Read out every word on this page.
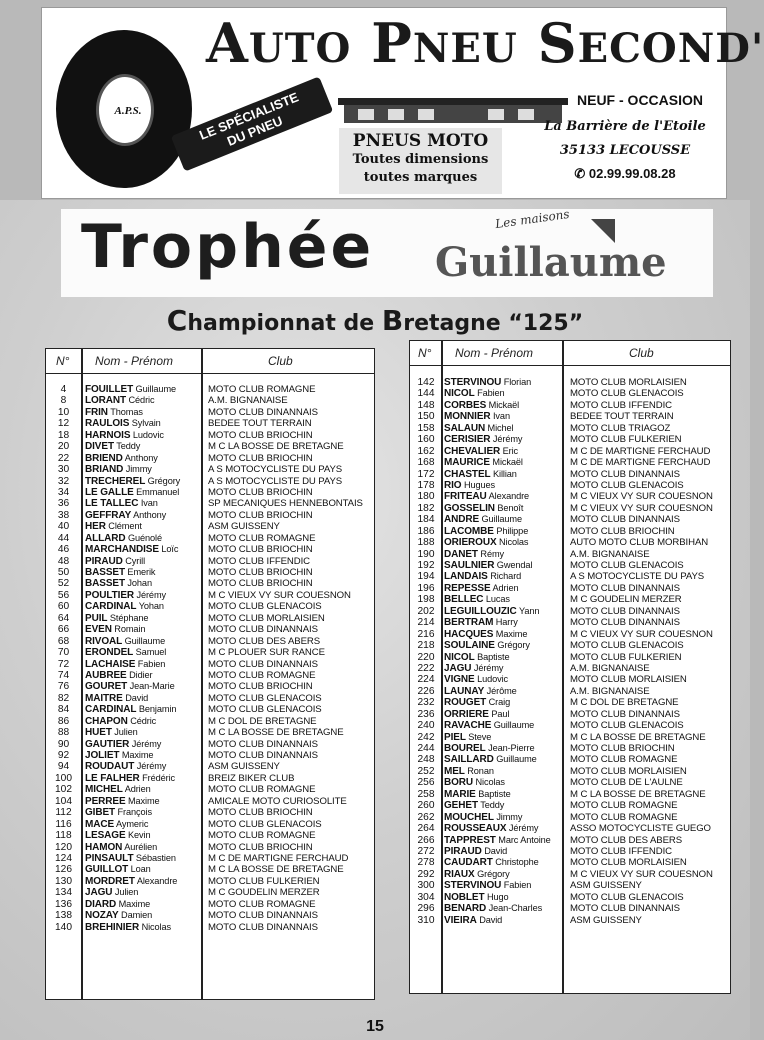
A.P.S.
AUTO PNEU SECOND'
LE SPÉCIALISTE
DU PNEU	PNEUS MOTO
Toutes dimensions
toutes marques
NEUF - OCCASION
La Barrière de l'Etoile
35133 LECOUSSE
✆ 02.99.99.08.28
Trophée	Les maisons
Guillaume
Championnat de Bretagne “125”
N° Nom - Prénom	Club
4	FOUILLET Guillaume	MOTO CLUB ROMAGNE
8	LORANT Cédric	A.M. BIGNANAISE
10	FRIN Thomas	MOTO CLUB DINANNAIS
12	RAULOIS Sylvain	BEDEE TOUT TERRAIN
18	HARNOIS Ludovic	MOTO CLUB BRIOCHIN
20	DIVET Teddy	M C LA BOSSE DE BRETAGNE
22	BRIEND Anthony	MOTO CLUB BRIOCHIN
30	BRIAND Jimmy	A S MOTOCYCLISTE DU PAYS
32	TRECHEREL Grégory	A S MOTOCYCLISTE DU PAYS
34	LE GALLE Emmanuel	MOTO CLUB BRIOCHIN
36	LE TALLEC Ivan	SP MECANIQUES HENNEBONTAIS
38	GEFFRAY Anthony	MOTO CLUB BRIOCHIN
40	HER Clément	ASM GUISSENY
44	ALLARD Guénolé	MOTO CLUB ROMAGNE
46	MARCHANDISE Loïc	MOTO CLUB BRIOCHIN
48	PIRAUD Cyrill	MOTO CLUB IFFENDIC
50	BASSET Emerik	MOTO CLUB BRIOCHIN
52	BASSET Johan	MOTO CLUB BRIOCHIN
56	POULTIER Jérémy	M C VIEUX VY SUR COUESNON
60	CARDINAL Yohan	MOTO CLUB GLENACOIS
64	PUIL Stéphane	MOTO CLUB MORLAISIEN
66	EVEN Romain	MOTO CLUB DINANNAIS
68	RIVOAL Guillaume	MOTO CLUB DES ABERS
70	ERONDEL Samuel	M C PLOUER SUR RANCE
72	LACHAISE Fabien	MOTO CLUB DINANNAIS
74	AUBREE Didier	MOTO CLUB ROMAGNE
76	GOURET Jean-Marie	MOTO CLUB BRIOCHIN
82	MAITRE David	MOTO CLUB GLENACOIS
84	CARDINAL Benjamin	MOTO CLUB GLENACOIS
86	CHAPON Cédric	M C DOL DE BRETAGNE
88	HUET Julien	M C LA BOSSE DE BRETAGNE
90	GAUTIER Jérémy	MOTO CLUB DINANNAIS
92	JOLIET Maxime	MOTO CLUB DINANNAIS
94	ROUDAUT Jérémy	ASM GUISSENY
100	LE FALHER Frédéric	BREIZ BIKER CLUB
102	MICHEL Adrien	MOTO CLUB ROMAGNE
104	PERREE Maxime	AMICALE MOTO CURIOSOLITE
112	GIBET François	MOTO CLUB BRIOCHIN
116	MACE Aymeric	MOTO CLUB GLENACOIS
118	LESAGE Kevin	MOTO CLUB ROMAGNE
120	HAMON Aurélien	MOTO CLUB BRIOCHIN
124	PINSAULT Sébastien	M C DE MARTIGNE FERCHAUD
126	GUILLOT Loan	M C LA BOSSE DE BRETAGNE
130	MORDRET Alexandre	MOTO CLUB FULKERIEN
134	JAGU Julien	M C GOUDELIN MERZER
136	DIARD Maxime	MOTO CLUB ROMAGNE
138	NOZAY Damien	MOTO CLUB DINANNAIS
140	BREHINIER Nicolas	MOTO CLUB DINANNAIS
N° Nom - Prénom	Club
142 STERVINOU Florian	MOTO CLUB MORLAISIEN
144 NICOL Fabien	MOTO CLUB GLENACOIS
148 CORBES Mickaël	MOTO CLUB IFFENDIC
150 MONNIER Ivan	BEDEE TOUT TERRAIN
158 SALAUN Michel	MOTO CLUB TRIAGOZ
160 CERISIER Jérémy	MOTO CLUB FULKERIEN
162 CHEVALIER Eric	M C DE MARTIGNE FERCHAUD
168 MAURICE Mickaël	M C DE MARTIGNE FERCHAUD
172 CHASTEL Killian	MOTO CLUB DINANNAIS
178 RIO Hugues	MOTO CLUB GLENACOIS
180 FRITEAU Alexandre	M C VIEUX VY SUR COUESNON
182 GOSSELIN Benoît	M C VIEUX VY SUR COUESNON
184 ANDRE Guillaume	MOTO CLUB DINANNAIS
186 LACOMBE Philippe	MOTO CLUB BRIOCHIN
188 ORIEROUX Nicolas	AUTO MOTO CLUB MORBIHAN
190 DANET Rémy	A.M. BIGNANAISE
192 SAULNIER Gwendal	MOTO CLUB GLENACOIS
194 LANDAIS Richard	A S MOTOCYCLISTE DU PAYS
196 REPESSE Adrien	MOTO CLUB DINANNAIS
198 BELLEC Lucas	M C GOUDELIN MERZER
202 LEGUILLOUZIC Yann	MOTO CLUB DINANNAIS
214 BERTRAM Harry	MOTO CLUB DINANNAIS
216 HACQUES Maxime	M C VIEUX VY SUR COUESNON
218 SOULAINE Grégory	MOTO CLUB GLENACOIS
220 NICOL Baptiste	MOTO CLUB FULKERIEN
222 JAGU Jérémy	A.M. BIGNANAISE
224 VIGNE Ludovic	MOTO CLUB MORLAISIEN
226 LAUNAY Jérôme	A.M. BIGNANAISE
232 ROUGET Craig	M C DOL DE BRETAGNE
236 ORRIERE Paul	MOTO CLUB DINANNAIS
240 RAVACHE Guillaume	MOTO CLUB GLENACOIS
242 PIEL Steve	M C LA BOSSE DE BRETAGNE
244 BOUREL Jean-Pierre	MOTO CLUB BRIOCHIN
248 SAILLARD Guillaume	MOTO CLUB ROMAGNE
252 MEL Ronan	MOTO CLUB MORLAISIEN
256 BORU Nicolas	MOTO CLUB DE L'AULNE
258 MARIE Baptiste	M C LA BOSSE DE BRETAGNE
260 GEHET Teddy	MOTO CLUB ROMAGNE
262 MOUCHEL Jimmy	MOTO CLUB ROMAGNE
264 ROUSSEAUX Jérémy	ASSO MOTOCYCLISTE GUEGO
266 TAPPREST Marc Antoine	MOTO CLUB DES ABERS
272 PIRAUD David	MOTO CLUB IFFENDIC
278 CAUDART Christophe	MOTO CLUB MORLAISIEN
292 RIAUX Grégory	M C VIEUX VY SUR COUESNON
300 STERVINOU Fabien	ASM GUISSENY
304 NOBLET Hugo	MOTO CLUB GLENACOIS
296 BENARD Jean-Charles	MOTO CLUB DINANNAIS
310 VIEIRA David	ASM GUISSENY
15
